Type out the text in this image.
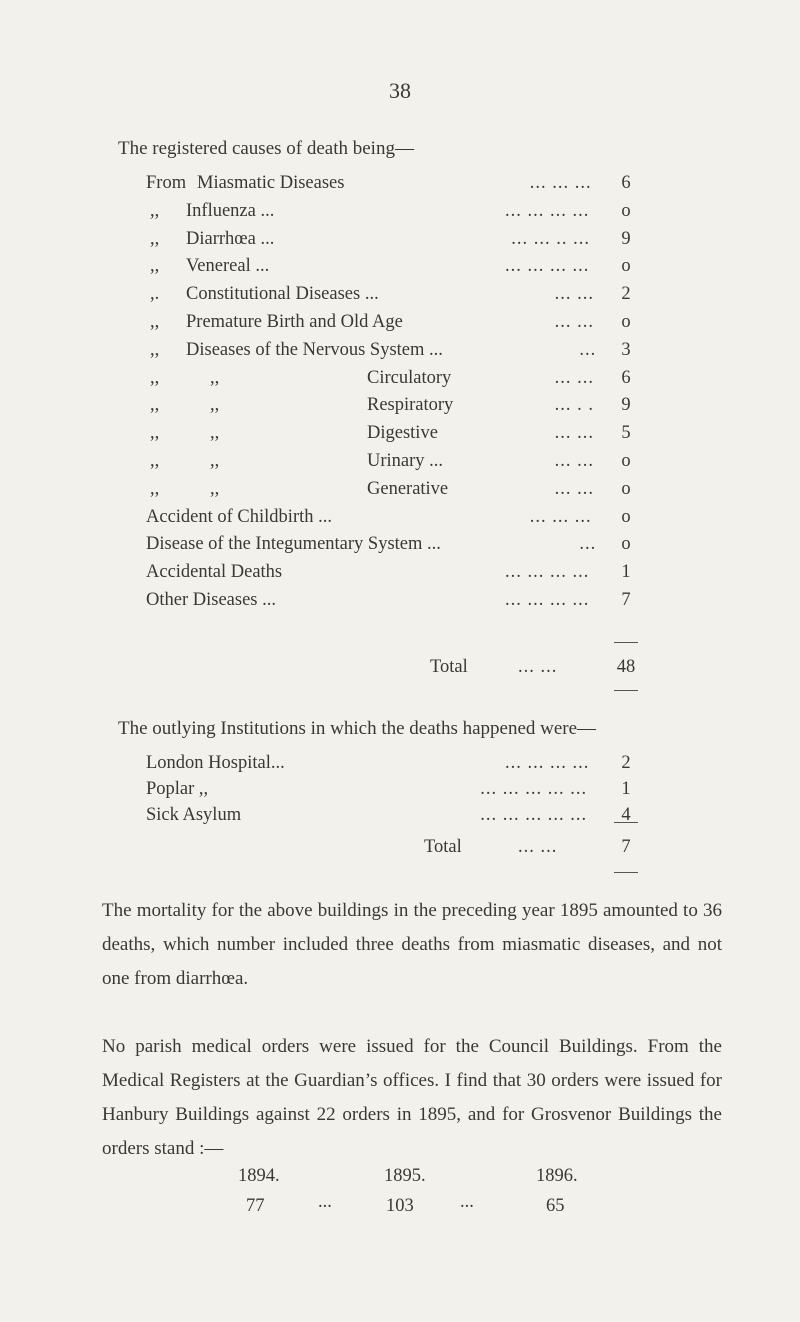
38
The registered causes of death being—
From Miasmatic Diseases	... ... ...	6
,, Influenza ...	... ... ... ...	o
,, Diarrhœa ...	... ... .. ...	9
,, Venereal ...	... ... ... ...	o
,. Constitutional Diseases ...	... ...	2
,, Premature Birth and Old Age	... ...	o
,, Diseases of the Nervous System ...	...	3
,,	,,	Circulatory	... ...	6
,,	,,	Respiratory	... . .	9
,,	,,	Digestive	... ...	5
,,	,,	Urinary ...	... ...	o
,,	,,	Generative	... ...	o
Accident of Childbirth ...	... ... ...	o
Disease of the Integumentary System ...	...	o
Accidental Deaths	... ... ... ...	1
Other Diseases ...	... ... ... ...	7
Total	... ...	48
The outlying Institutions in which the deaths happened were—
London Hospital...	... ... ... ...	2
Poplar ,,	... ... ... ... ...	1
Sick Asylum	... ... ... ... ...	4
Total	... ...	7
The mortality for the above buildings in the preceding year 1895 amounted to 36 deaths, which number included three deaths from miasmatic diseases, and not one from diarrhœa.
No parish medical orders were issued for the Council Buildings. From the Medical Registers at the Guardian’s offices. I find that 30 orders were issued for Hanbury Buildings against 22 orders in 1895, and for Grosvenor Buildings the orders stand :—
1894.	1895.	1896.
77	...	103	...	65
